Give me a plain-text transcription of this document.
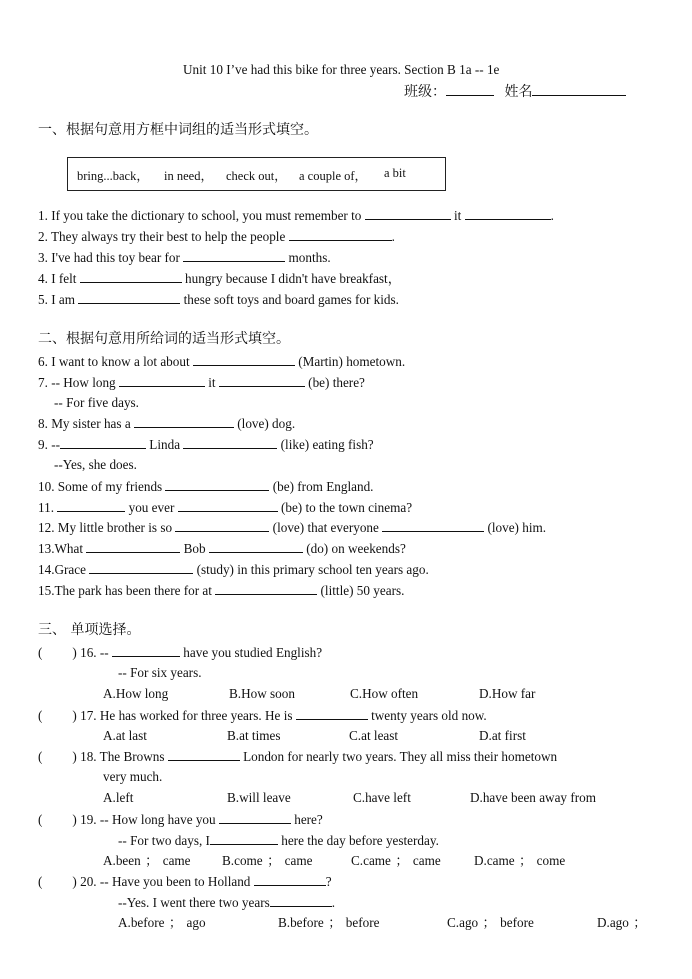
Unit 10 I’ve had this bike for three years. Section B 1a -- 1e
班级：	姓名
一、根据句意用方框中词组的适当形式填空。
bring...back， in need， check out， a couple of， a bit
1. If you take the dictionary to school, you must remember to	it	.
2. They always try their best to help the people	.
3. I've had this toy bear for	months.
4. I felt	hungry because I didn't have breakfast，
5. I am	these soft toys and board games for kids.
二、根据句意用所给词的适当形式填空。
6. I want to know a lot about	(Martin) hometown.
7. -- How long	it	(be) there?
-- For five days.
8. My sister has a	(love) dog.
9. --	Linda	(like) eating fish?
--Yes, she does.
10. Some of my friends	(be) from England.
11.	you ever	(be) to the town cinema?
12. My little brother is so	(love) that everyone	(love) him.
13.What	Bob	(do) on weekends?
14.Grace	(study) in this primary school ten years ago.
15.The park has been there for at	(little) 50 years.
三、 单项选择。
( ) 16. --	have you studied English?
-- For six years.
A.How long	B.How soon	C.How often	D.How far
( ) 17. He has worked for three years. He is	twenty years old now.
A.at last	B.at times	C.at least	D.at first
( ) 18. The Browns	London for nearly two years. They all miss their hometown
very much.
A.left	B.will leave	C.have left	D.have been away from
( ) 19. -- How long have you	here?
-- For two days, I	here the day before yesterday.
A.been ； came B.come ； came	C.came ； came	D.came ； come
( ) 20. -- Have you been to Holland	?
--Yes. I went there two years	.
A.before ； ago	B.before ； before	C.ago ； before	D.ago ；
